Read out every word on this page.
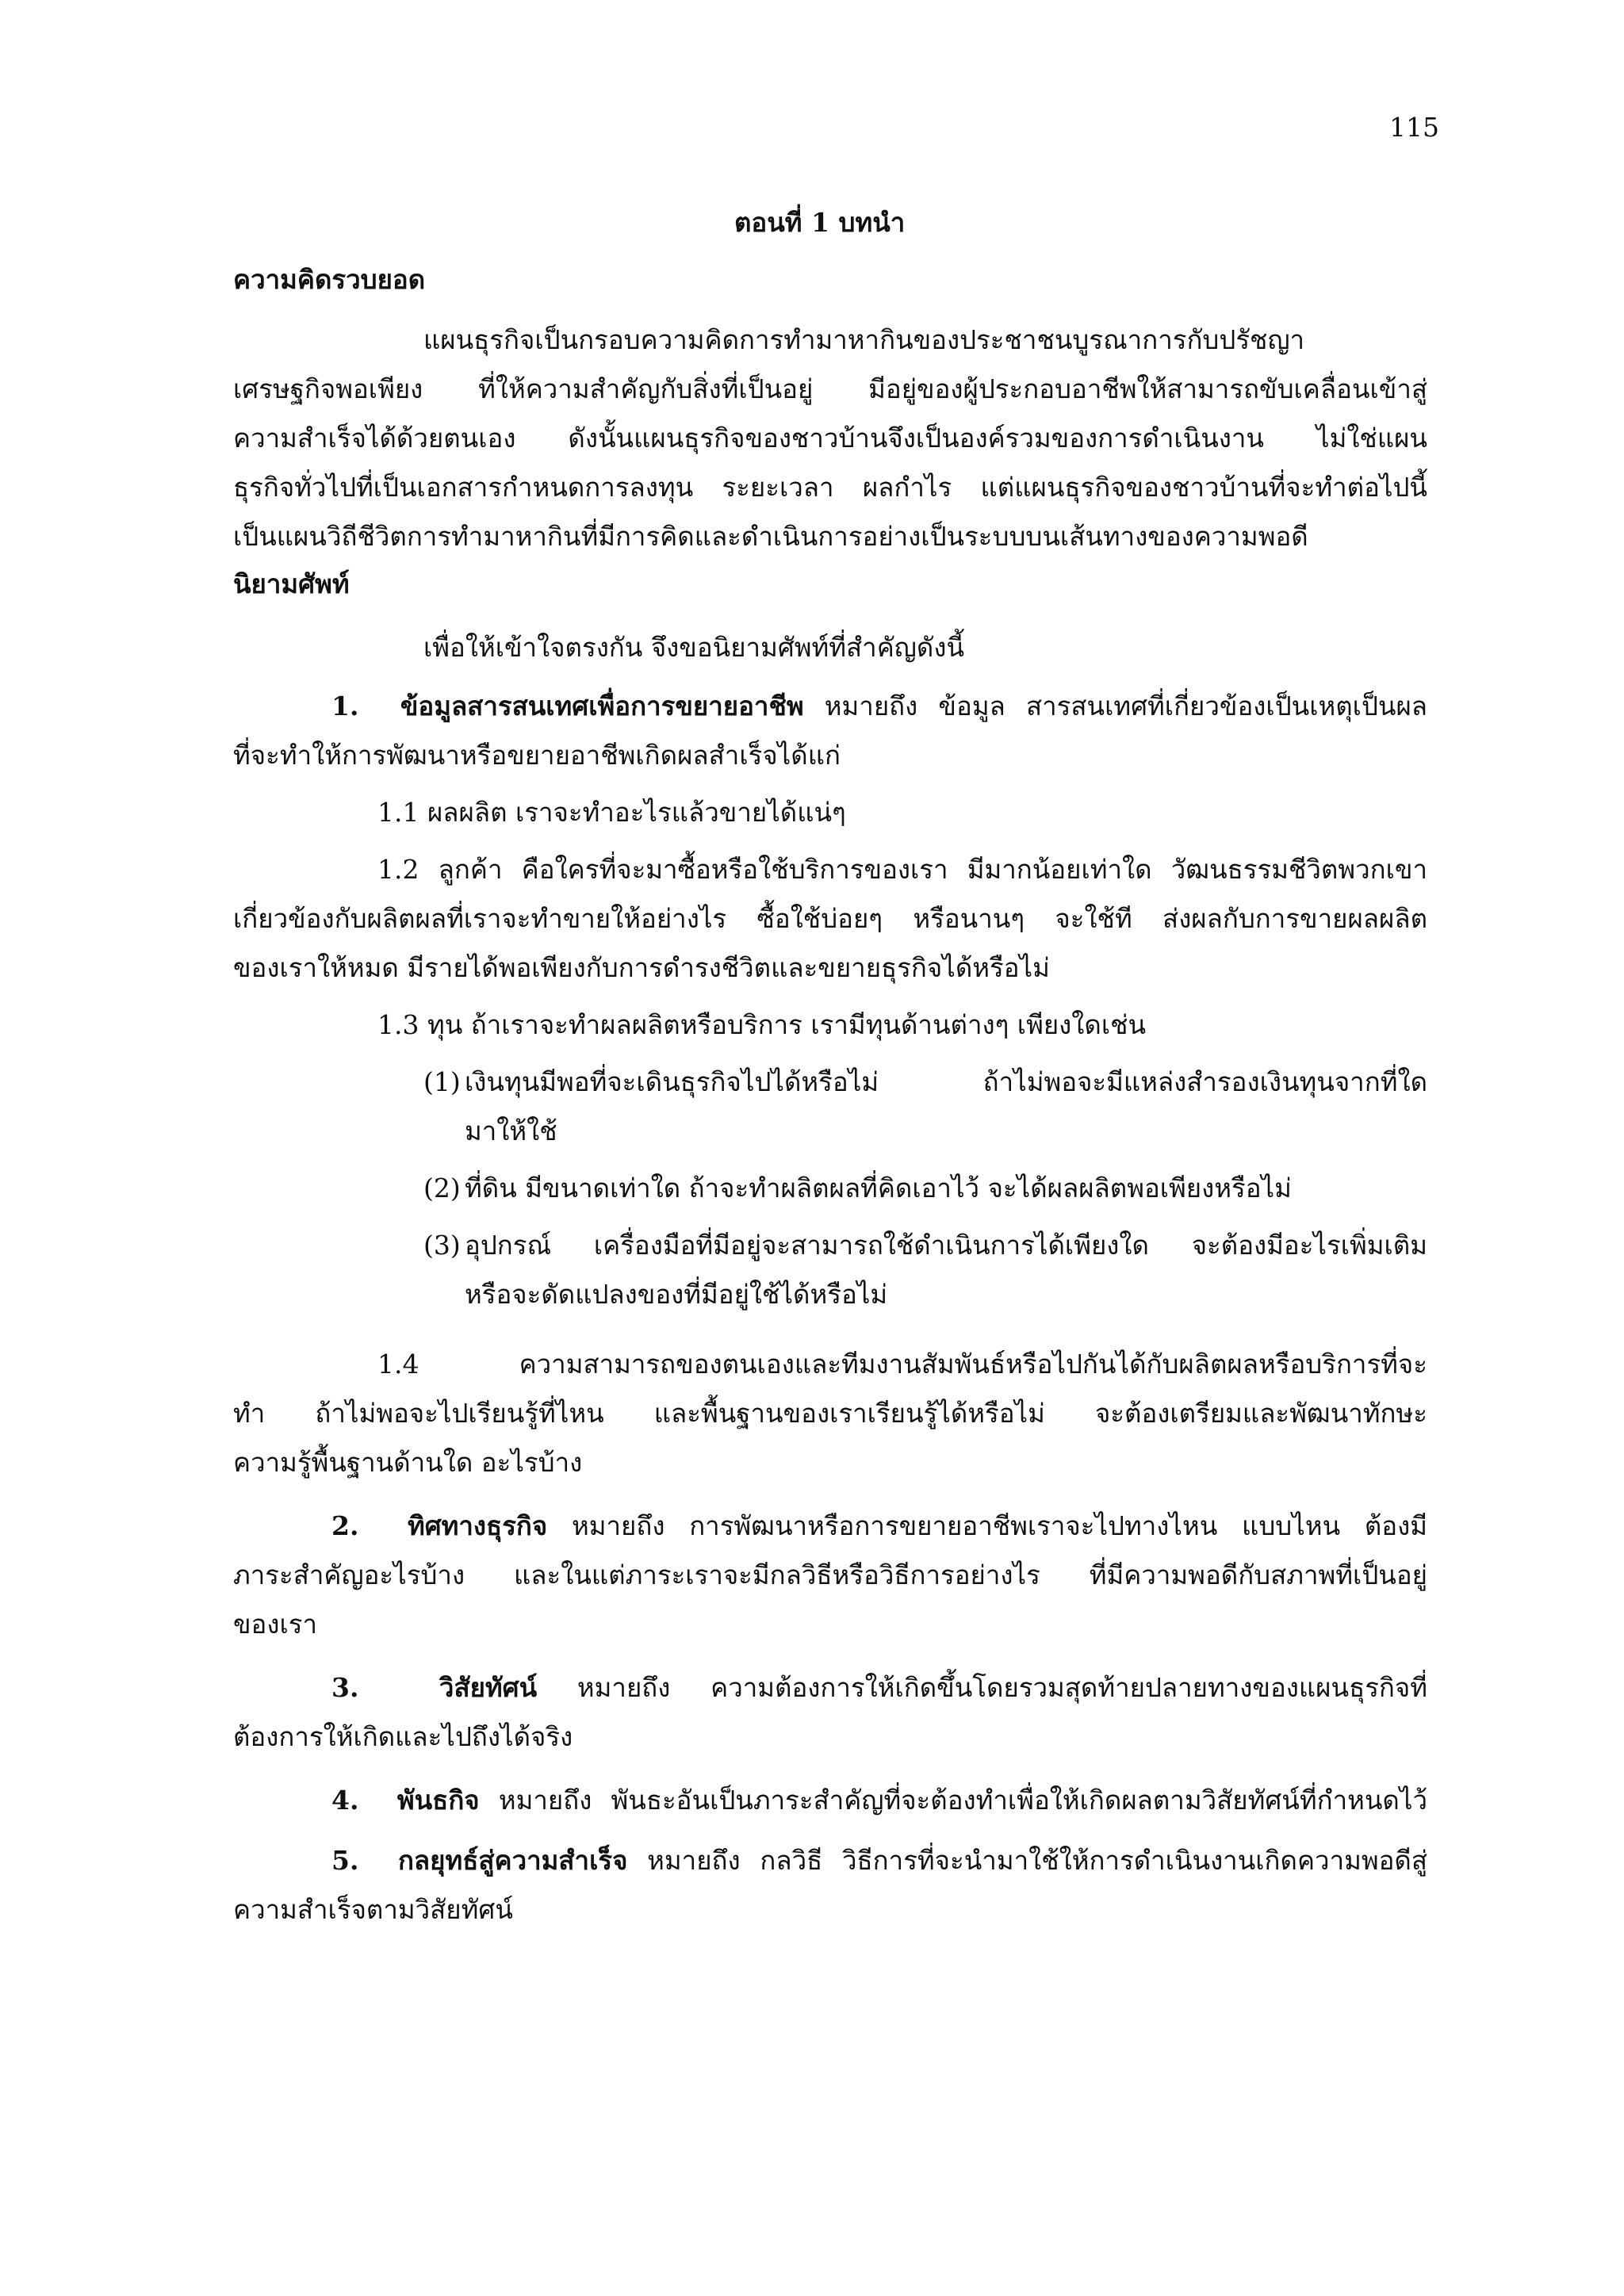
115
ตอนที่ 1 บทนำ
ความคิดรวบยอด
แผนธุรกิจเป็นกรอบความคิดการทำมาหากินของประชาชนบูรณาการกับปรัชญา
เศรษฐกิจพอเพียง ที่ให้ความสำคัญกับสิ่งที่เป็นอยู่ มีอยู่ของผู้ประกอบอาชีพให้สามารถขับเคลื่อนเข้าสู่
ความสำเร็จได้ด้วยตนเอง ดังนั้นแผนธุรกิจของชาวบ้านจึงเป็นองค์รวมของการดำเนินงาน ไม่ใช่แผน
ธุรกิจทั่วไปที่เป็นเอกสารกำหนดการลงทุน ระยะเวลา ผลกำไร แต่แผนธุรกิจของชาวบ้านที่จะทำต่อไปนี้
เป็นแผนวิถีชีวิตการทำมาหากินที่มีการคิดและดำเนินการอย่างเป็นระบบบนเส้นทางของความพอดี
นิยามศัพท์
เพื่อให้เข้าใจตรงกัน จึงขอนิยามศัพท์ที่สำคัญดังนี้
1. ข้อมูลสารสนเทศเพื่อการขยายอาชีพ หมายถึง ข้อมูล สารสนเทศที่เกี่ยวข้องเป็นเหตุเป็นผล
ที่จะทำให้การพัฒนาหรือขยายอาชีพเกิดผลสำเร็จได้แก่
1.1 ผลผลิต เราจะทำอะไรแล้วขายได้แน่ๆ
1.2 ลูกค้า คือใครที่จะมาซื้อหรือใช้บริการของเรา มีมากน้อยเท่าใด วัฒนธรรมชีวิตพวกเขา
เกี่ยวข้องกับผลิตผลที่เราจะทำขายให้อย่างไร ซื้อใช้บ่อยๆ หรือนานๆ จะใช้ที ส่งผลกับการขายผลผลิต
ของเราให้หมด มีรายได้พอเพียงกับการดำรงชีวิตและขยายธุรกิจได้หรือไม่
1.3 ทุน ถ้าเราจะทำผลผลิตหรือบริการ เรามีทุนด้านต่างๆ เพียงใดเช่น
(1) เงินทุนมีพอที่จะเดินธุรกิจไปได้หรือไม่ ถ้าไม่พอจะมีแหล่งสำรองเงินทุนจากที่ใด
มาให้ใช้
(2) ที่ดิน มีขนาดเท่าใด ถ้าจะทำผลิตผลที่คิดเอาไว้ จะได้ผลผลิตพอเพียงหรือไม่
(3) อุปกรณ์ เครื่องมือที่มีอยู่จะสามารถใช้ดำเนินการได้เพียงใด จะต้องมีอะไรเพิ่มเติม
หรือจะดัดแปลงของที่มีอยู่ใช้ได้หรือไม่
1.4 ความสามารถของตนเองและทีมงานสัมพันธ์หรือไปกันได้กับผลิตผลหรือบริการที่จะ
ทำ ถ้าไม่พอจะไปเรียนรู้ที่ไหน และพื้นฐานของเราเรียนรู้ได้หรือไม่ จะต้องเตรียมและพัฒนาทักษะ
ความรู้พื้นฐานด้านใด อะไรบ้าง
2. ทิศทางธุรกิจ หมายถึง การพัฒนาหรือการขยายอาชีพเราจะไปทางไหน แบบไหน ต้องมี
ภาระสำคัญอะไรบ้าง และในแต่ภาระเราจะมีกลวิธีหรือวิธีการอย่างไร ที่มีความพอดีกับสภาพที่เป็นอยู่
ของเรา
3.	วิสัยทัศน์ หมายถึง ความต้องการให้เกิดขึ้นโดยรวมสุดท้ายปลายทางของแผนธุรกิจที่
ต้องการให้เกิดและไปถึงได้จริง
4. พันธกิจ หมายถึง พันธะอันเป็นภาระสำคัญที่จะต้องทำเพื่อให้เกิดผลตามวิสัยทัศน์ที่กำหนดไว้
5. กลยุทธ์สู่ความสำเร็จ หมายถึง กลวิธี วิธีการที่จะนำมาใช้ให้การดำเนินงานเกิดความพอดีสู่
ความสำเร็จตามวิสัยทัศน์
